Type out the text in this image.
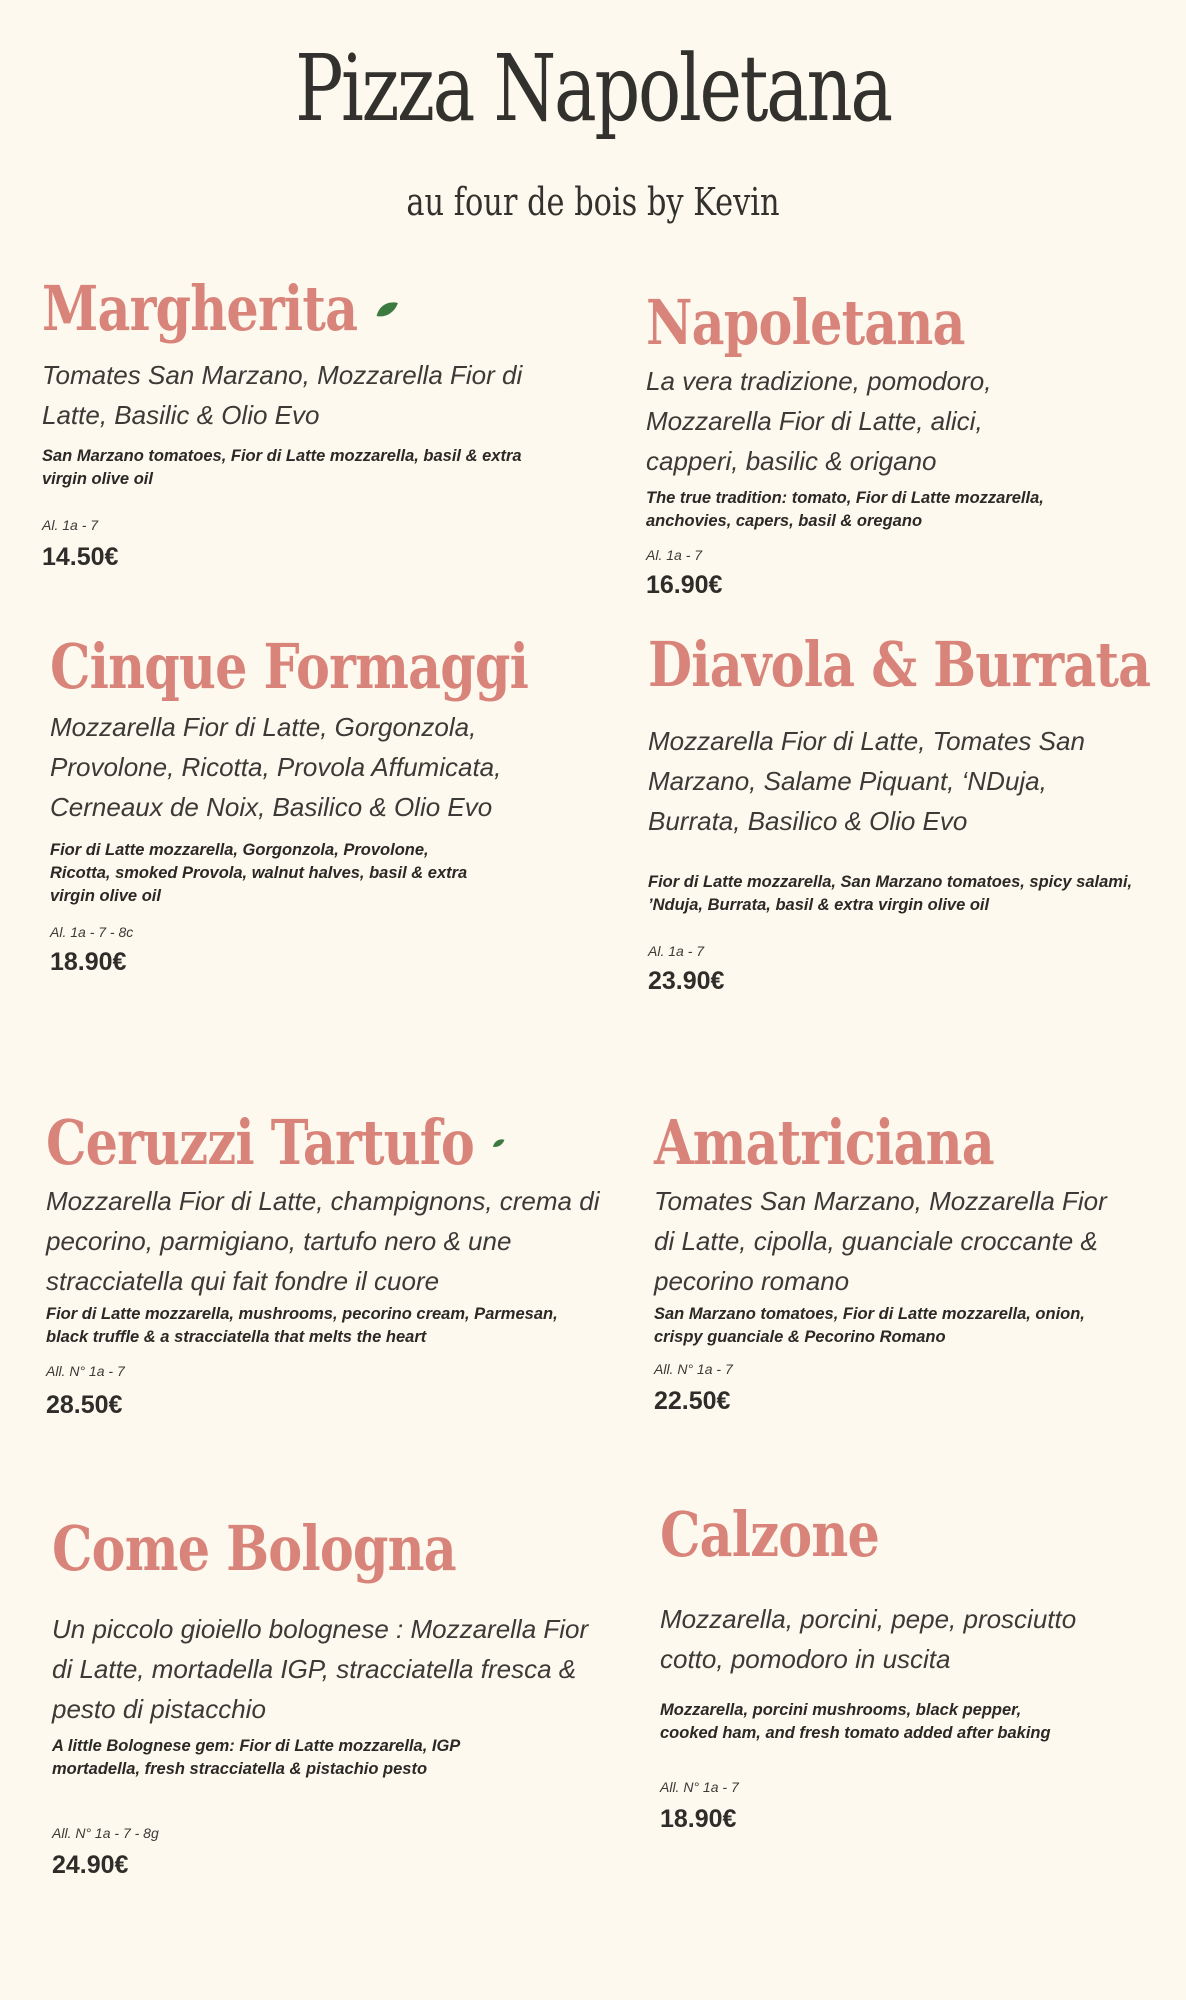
Pizza Napoletana

au four de bois by Kevin

Margherita

Tomates San Marzano, Mozzarella Fior di Latte, Basilic & Olio Evo

San Marzano tomatoes, Fior di Latte mozzarella, basil & extra virgin olive oil

Al. 1a - 7

14.50€

Napoletana

La vera tradizione, pomodoro, Mozzarella Fior di Latte, alici, capperi, basilic & origano

The true tradition: tomato, Fior di Latte mozzarella, anchovies, capers, basil & oregano

Al. 1a - 7

16.90€

Cinque Formaggi

Mozzarella Fior di Latte, Gorgonzola, Provolone, Ricotta, Provola Affumicata, Cerneaux de Noix, Basilico & Olio Evo

Fior di Latte mozzarella, Gorgonzola, Provolone, Ricotta, smoked Provola, walnut halves, basil & extra virgin olive oil

Al. 1a - 7 - 8c

18.90€

Diavola & Burrata

Mozzarella Fior di Latte, Tomates San Marzano, Salame Piquant, ‘NDuja, Burrata, Basilico & Olio Evo

Fior di Latte mozzarella, San Marzano tomatoes, spicy salami, ’Nduja, Burrata, basil & extra virgin olive oil

Al. 1a - 7

23.90€

Ceruzzi Tartufo

Mozzarella Fior di Latte, champignons, crema di pecorino, parmigiano, tartufo nero & une stracciatella qui fait fondre il cuore

Fior di Latte mozzarella, mushrooms, pecorino cream, Parmesan, black truffle & a stracciatella that melts the heart

All. N° 1a - 7

28.50€

Amatriciana

Tomates San Marzano, Mozzarella Fior di Latte, cipolla, guanciale croccante & pecorino romano

San Marzano tomatoes, Fior di Latte mozzarella, onion, crispy guanciale & Pecorino Romano

All. N° 1a - 7

22.50€

Come Bologna

Un piccolo gioiello bolognese : Mozzarella Fior di Latte, mortadella IGP, stracciatella fresca & pesto di pistacchio

A little Bolognese gem: Fior di Latte mozzarella, IGP mortadella, fresh stracciatella & pistachio pesto

All. N° 1a - 7 - 8g

24.90€

Calzone

Mozzarella, porcini, pepe, prosciutto cotto, pomodoro in uscita

Mozzarella, porcini mushrooms, black pepper, cooked ham, and fresh tomato added after baking

All. N° 1a - 7

18.90€
